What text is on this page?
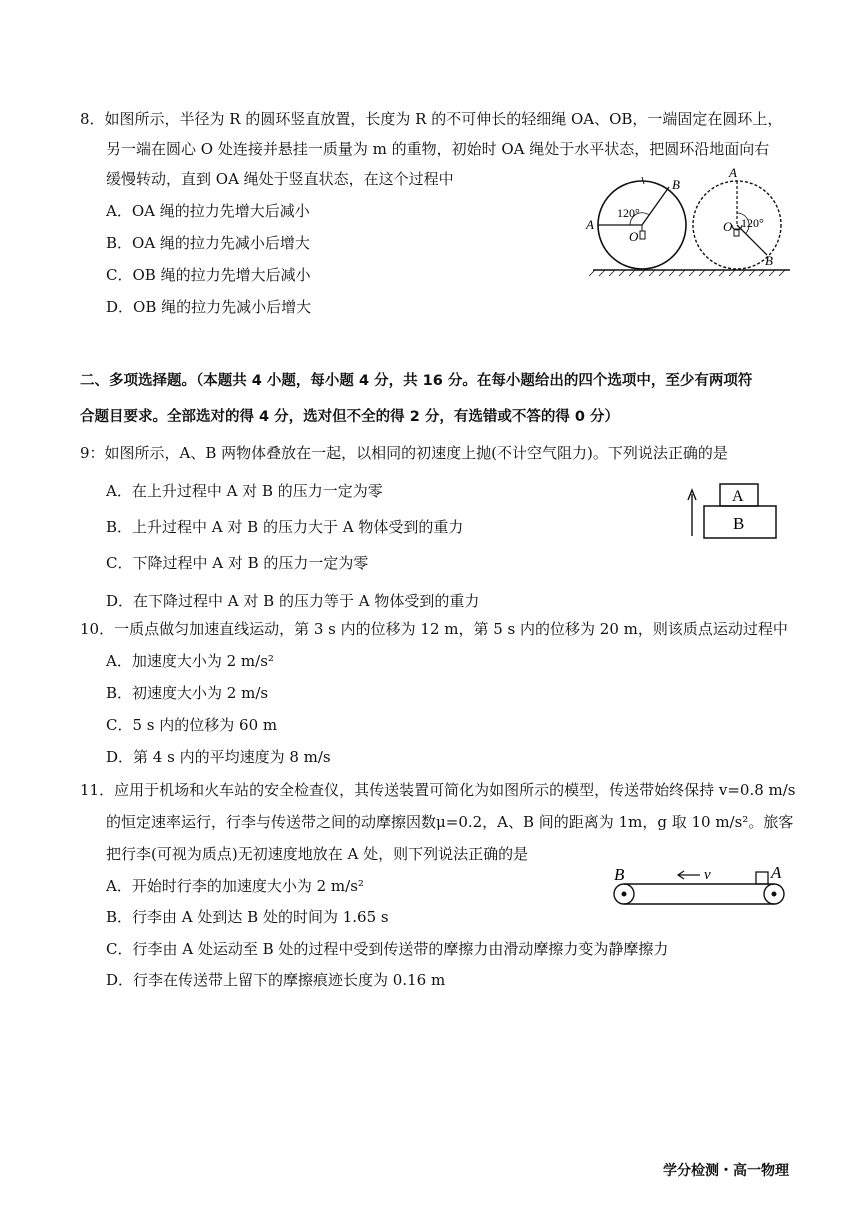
8．如图所示，半径为 R 的圆环竖直放置，长度为 R 的不可伸长的轻细绳 OA、OB，一端固定在圆环上，
另一端在圆心 O 处连接并悬挂一质量为 m 的重物，初始时 OA 绳处于水平状态，把圆环沿地面向右
缓慢转动，直到 OA 绳处于竖直状态，在这个过程中
A．OA 绳的拉力先增大后减小
B．OA 绳的拉力先减小后增大
C．OB 绳的拉力先增大后减小
D．OB 绳的拉力先减小后增大
A
B
O
120°
A
B
O 120°
二、多项选择题。（本题共 4 小题，每小题 4 分，共 16 分。在每小题给出的四个选项中，至少有两项符
合题目要求。全部选对的得 4 分，选对但不全的得 2 分，有选错或不答的得 0 分）
9：如图所示，A、B 两物体叠放在一起，以相同的初速度上抛(不计空气阻力)。下列说法正确的是
A．在上升过程中 A 对 B 的压力一定为零
B．上升过程中 A 对 B 的压力大于 A 物体受到的重力
C．下降过程中 A 对 B 的压力一定为零
D．在下降过程中 A 对 B 的压力等于 A 物体受到的重力
A
B
10．一质点做匀加速直线运动，第 3 s 内的位移为 12 m，第 5 s 内的位移为 20 m，则该质点运动过程中
A．加速度大小为 2 m/s²
B．初速度大小为 2 m/s
C．5 s 内的位移为 60 m
D．第 4 s 内的平均速度为 8 m/s
11．应用于机场和火车站的安全检查仪，其传送装置可简化为如图所示的模型，传送带始终保持 v=0.8 m/s
的恒定速率运行，行李与传送带之间的动摩擦因数μ=0.2，A、B 间的距离为 1m，g 取 10 m/s²。旅客
把行李(可视为质点)无初速度地放在 A 处，则下列说法正确的是
A．开始时行李的加速度大小为 2 m/s²
B．行李由 A 处到达 B 处的时间为 1.65 s
C．行李由 A 处运动至 B 处的过程中受到传送带的摩擦力由滑动摩擦力变为静摩擦力
D．行李在传送带上留下的摩擦痕迹长度为 0.16 m
v
B	A
学分检测・高一物理
